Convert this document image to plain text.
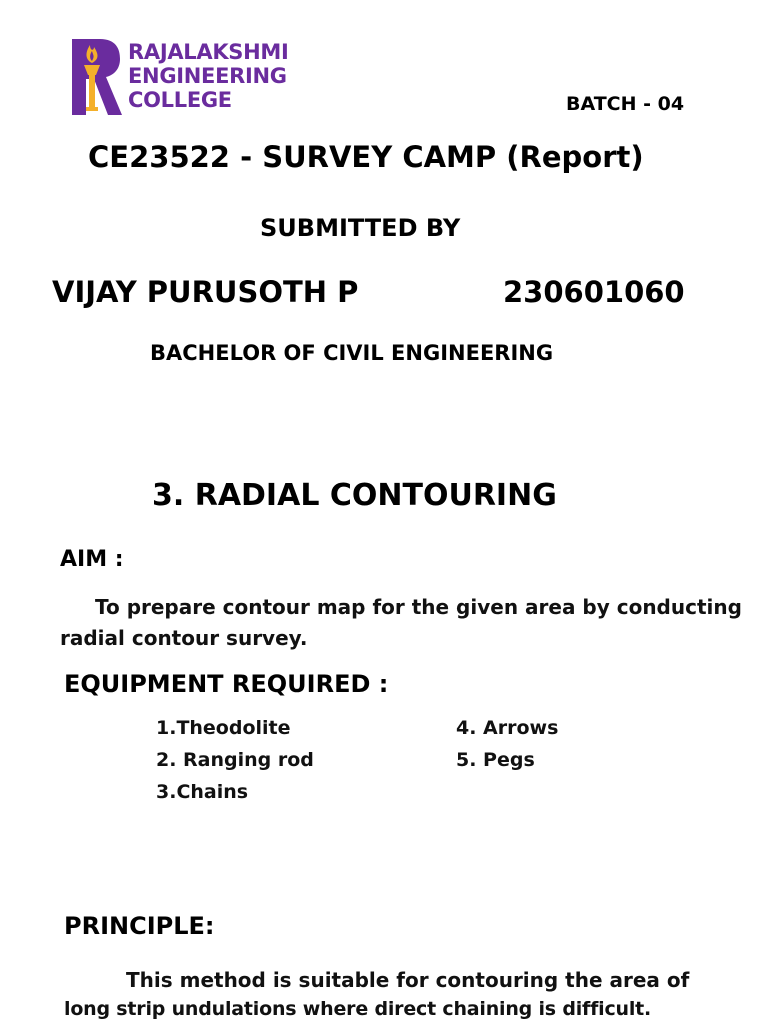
RAJALAKSHMI
ENGINEERING
COLLEGE	BATCH - 04
CE23522 - SURVEY CAMP (Report)
SUBMITTED BY
VIJAY PURUSOTH P	230601060
BACHELOR OF CIVIL ENGINEERING
3. RADIAL CONTOURING
AIM :
To prepare contour map for the given area by conducting
radial contour survey.
EQUIPMENT REQUIRED :
1.Theodolite
2. Ranging rod
3.Chains
4. Arrows
5. Pegs
PRINCIPLE:
This method is suitable for contouring the area of
long strip undulations where direct chaining is difficult.
